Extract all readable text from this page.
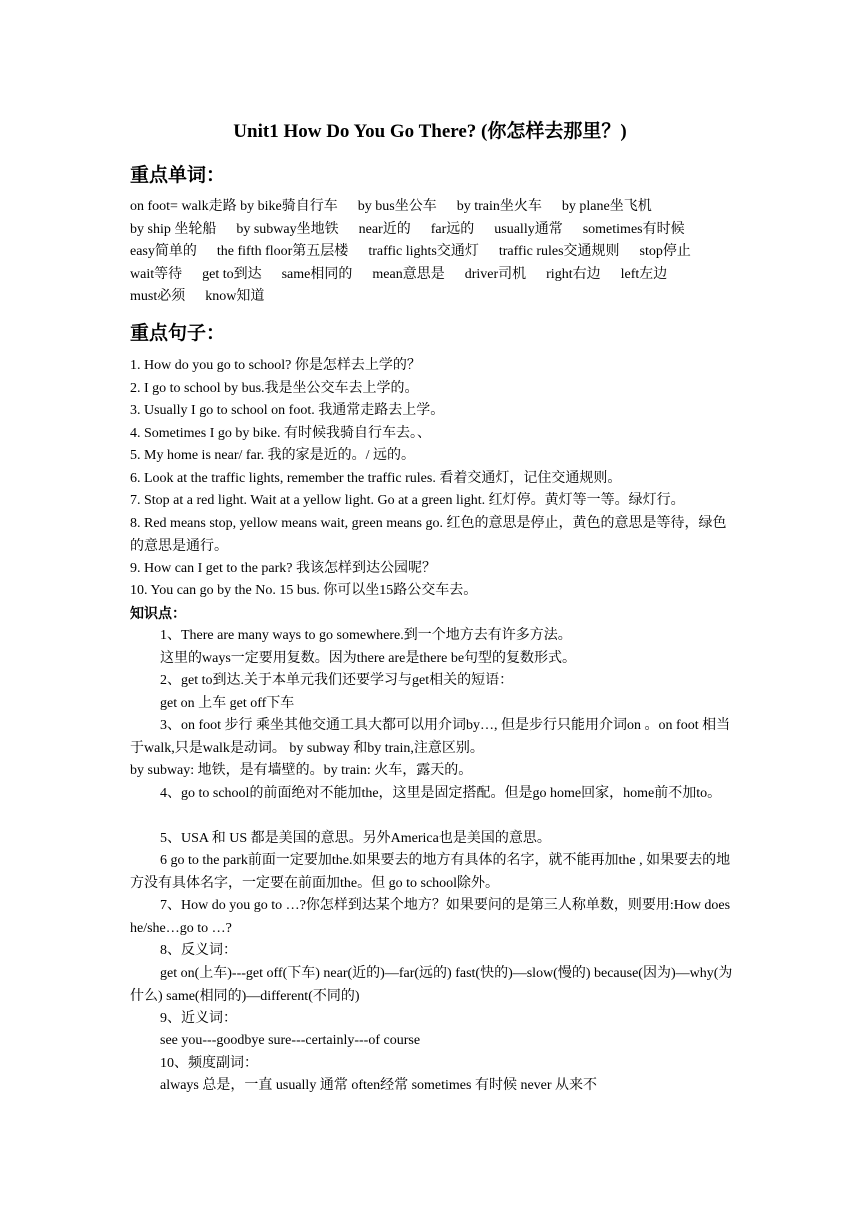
Unit1 How Do You Go There? (你怎样去那里？)
重点单词：
on foot= walk走路 by bike骑自行车 by bus坐公车 by train坐火车 by plane坐飞机by ship 坐轮船 by subway坐地铁 near近的 far远的 usually通常 sometimes有时候easy简单的 the fifth floor第五层楼 traffic lights交通灯 traffic rules交通规则 stop停止wait等待 get to到达 same相同的 mean意思是 driver司机 right右边 left左边must必须 know知道
重点句子：
1. How do you go to school? 你是怎样去上学的？
2. I go to school by bus.我是坐公交车去上学的。
3. Usually I go to school on foot. 我通常走路去上学。
4. Sometimes I go by bike. 有时候我骑自行车去。、
5. My home is near/ far. 我的家是近的。/ 远的。
6. Look at the traffic lights, remember the traffic rules. 看着交通灯，记住交通规则。
7. Stop at a red light. Wait at a yellow light. Go at a green light. 红灯停。黄灯等一等。绿灯行。
8. Red means stop, yellow means wait, green means go. 红色的意思是停止，黄色的意思是等待，绿色的意思是通行。
9. How can I get to the park? 我该怎样到达公园呢？
10. You can go by the No. 15 bus. 你可以坐15路公交车去。
知识点：
1、There are many ways to go somewhere.到一个地方去有许多方法。
这里的ways一定要用复数。因为there are是there be句型的复数形式。
2、get to到达.关于本单元我们还要学习与get相关的短语：
get on 上车 get off下车
3、on foot 步行 乘坐其他交通工具大都可以用介词by…, 但是步行只能用介词on 。on foot 相当于walk,只是walk是动词。 by subway 和by train,注意区别。
by subway: 地铁，是有墙壁的。by train: 火车，露天的。
4、go to school的前面绝对不能加the，这里是固定搭配。但是go home回家，home前不加to。
5、USA 和 US 都是美国的意思。另外America也是美国的意思。
6 go to the park前面一定要加the.如果要去的地方有具体的名字，就不能再加the , 如果要去的地方没有具体名字，一定要在前面加the。但 go to school除外。
7、How do you go to …?你怎样到达某个地方？如果要问的是第三人称单数，则要用:How does he/she…go to …?
8、反义词：
get on(上车)---get off(下车) near(近的)—far(远的) fast(快的)—slow(慢的) because(因为)—why(为什么) same(相同的)—different(不同的)
9、近义词：
see you---goodbye sure---certainly---of course
10、频度副词：
always 总是，一直 usually 通常 often经常 sometimes 有时候 never 从来不
